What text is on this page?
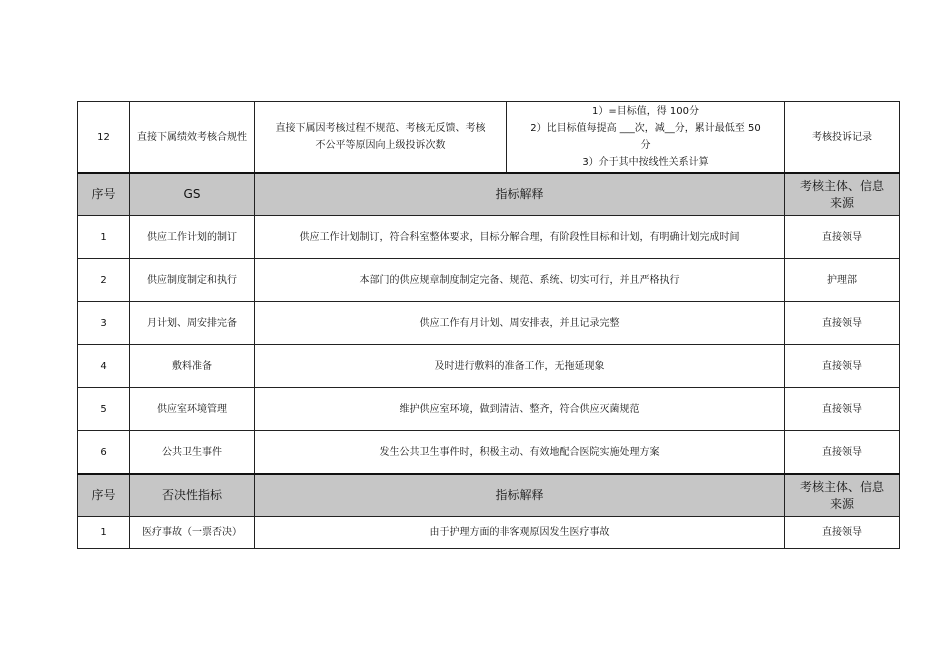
12	直接下属绩效考核合规性	直接下属因考核过程不规范、考核无反馈、考核不公平等原因向上级投诉次数	1）=目标值，得 100分
2）比目标值每提高 ___次，减__分，累计最低至 50
分
3）介于其中按线性关系计算	考核投诉记录
序号	GS	指标解释		考核主体、信息来源
1	供应工作计划的制订	供应工作计划制订，符合科室整体要求，目标分解合理，有阶段性目标和计划，有明确计划完成时间		直接领导
2	供应制度制定和执行	本部门的供应规章制度制定完备、规范、系统、切实可行，并且严格执行		护理部
3	月计划、周安排完备	供应工作有月计划、周安排表，并且记录完整		直接领导
4	敷料准备	及时进行敷料的准备工作，无拖延现象		直接领导
5	供应室环境管理	维护供应室环境，做到清洁、整齐，符合供应灭菌规范		直接领导
6	公共卫生事件	发生公共卫生事件时，积极主动、有效地配合医院实施处理方案		直接领导
序号	否决性指标	指标解释		考核主体、信息来源
1	医疗事故（一票否决）	由于护理方面的非客观原因发生医疗事故		直接领导
